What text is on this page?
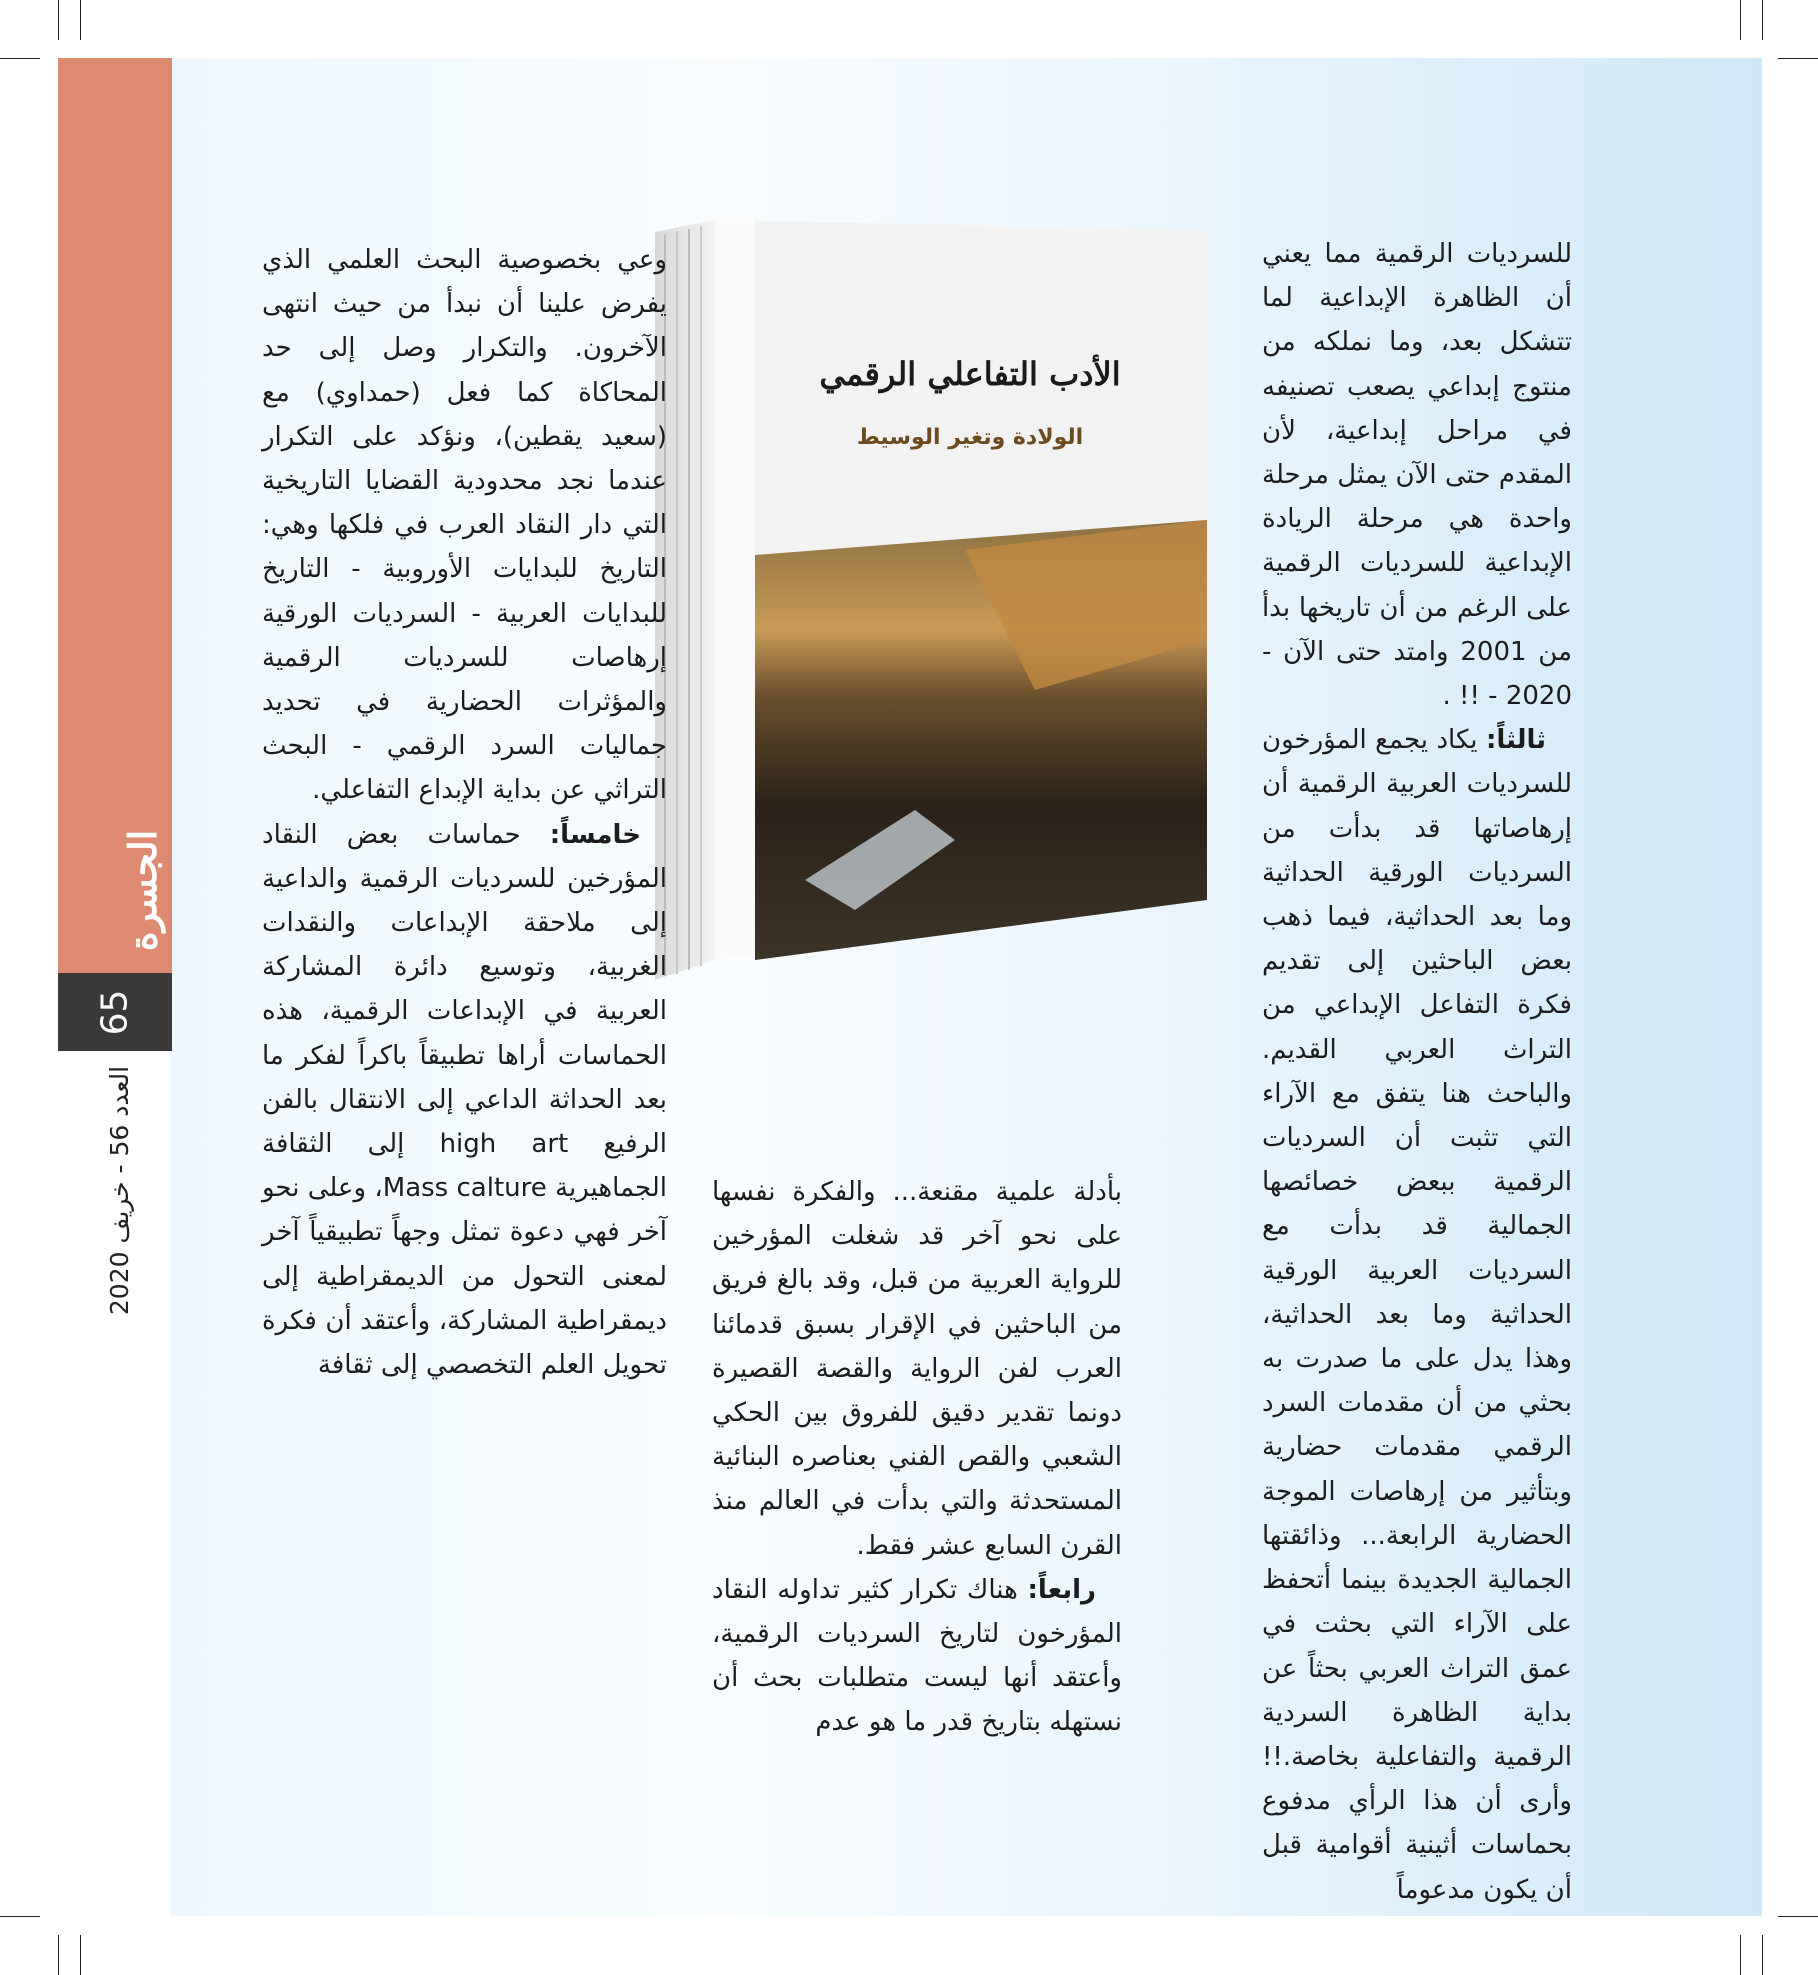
الجسرة
65
العدد 56 - خريف 2020
الأدب التفاعلي الرقمي
الولادة وتغير الوسيط

للسرديات الرقمية مما يعني أن الظاهرة الإبداعية لما تتشكل بعد، وما نملكه من منتوج إبداعي يصعب تصنيفه في مراحل إبداعية، لأن المقدم حتى الآن يمثل مرحلة واحدة هي مرحلة الريادة الإبداعية للسرديات الرقمية على الرغم من أن تاريخها بدأ من 2001 وامتد حتى الآن - 2020 - !! .

ثالثاً: يكاد يجمع المؤرخون للسرديات العربية الرقمية أن إرهاصاتها قد بدأت من السرديات الورقية الحداثية وما بعد الحداثية، فيما ذهب بعض الباحثين إلى تقديم فكرة التفاعل الإبداعي من التراث العربي القديم. والباحث هنا يتفق مع الآراء التي تثبت أن السرديات الرقمية ببعض خصائصها الجمالية قد بدأت مع السرديات العربية الورقية الحداثية وما بعد الحداثية، وهذا يدل على ما صدرت به بحثي من أن مقدمات السرد الرقمي مقدمات حضارية وبتأثير من إرهاصات الموجة الحضارية الرابعة... وذائقتها الجمالية الجديدة بينما أتحفظ على الآراء التي بحثت في عمق التراث العربي بحثاً عن بداية الظاهرة السردية الرقمية والتفاعلية بخاصة.!! وأرى أن هذا الرأي مدفوع بحماسات أثينية أقوامية قبل أن يكون مدعوماً

بأدلة علمية مقنعة... والفكرة نفسها على نحو آخر قد شغلت المؤرخين للرواية العربية من قبل، وقد بالغ فريق من الباحثين في الإقرار بسبق قدمائنا العرب لفن الرواية والقصة القصيرة دونما تقدير دقيق للفروق بين الحكي الشعبي والقص الفني بعناصره البنائية المستحدثة والتي بدأت في العالم منذ القرن السابع عشر فقط.

رابعاً: هناك تكرار كثير تداوله النقاد المؤرخون لتاريخ السرديات الرقمية، وأعتقد أنها ليست متطلبات بحث أن نستهله بتاريخ قدر ما هو عدم

وعي بخصوصية البحث العلمي الذي يفرض علينا أن نبدأ من حيث انتهى الآخرون. والتكرار وصل إلى حد المحاكاة كما فعل (حمداوي) مع (سعيد يقطين)، ونؤكد على التكرار عندما نجد محدودية القضايا التاريخية التي دار النقاد العرب في فلكها وهي: التاريخ للبدايات الأوروبية - التاريخ للبدايات العربية - السرديات الورقية إرهاصات للسرديات الرقمية والمؤثرات الحضارية في تحديد جماليات السرد الرقمي - البحث التراثي عن بداية الإبداع التفاعلي.

خامساً: حماسات بعض النقاد المؤرخين للسرديات الرقمية والداعية إلى ملاحقة الإبداعات والنقدات الغربية، وتوسيع دائرة المشاركة العربية في الإبداعات الرقمية، هذه الحماسات أراها تطبيقاً باكراً لفكر ما بعد الحداثة الداعي إلى الانتقال بالفن الرفيع high art إلى الثقافة الجماهيرية Mass calture، وعلى نحو آخر فهي دعوة تمثل وجهاً تطبيقياً آخر لمعنى التحول من الديمقراطية إلى ديمقراطية المشاركة، وأعتقد أن فكرة تحويل العلم التخصصي إلى ثقافة
